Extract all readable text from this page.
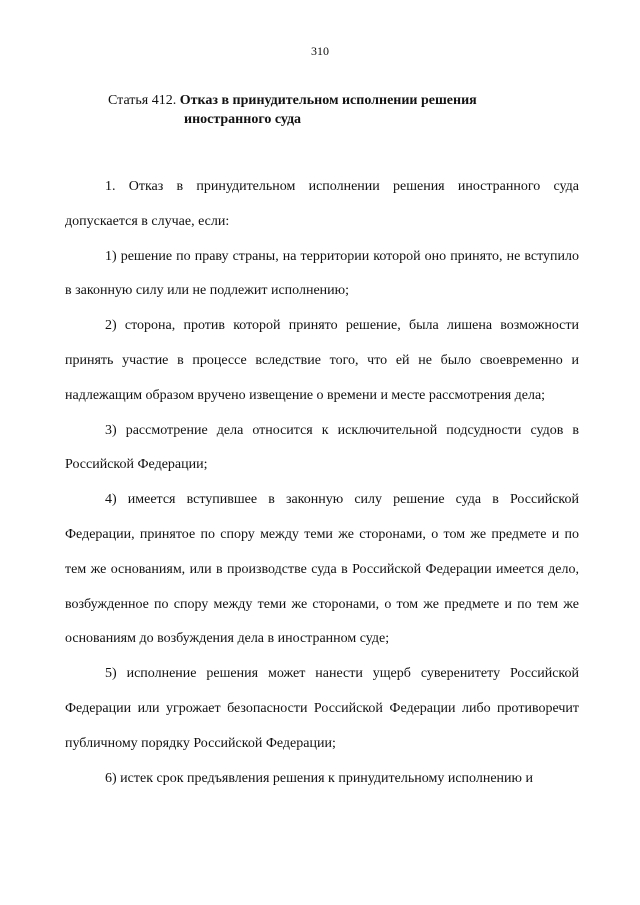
310
Статья 412. Отказ в принудительном исполнении решения
иностранного суда

1. Отказ в принудительном исполнении решения иностранного суда допускается в случае, если:

1) решение по праву страны, на территории которой оно принято, не вступило в законную силу или не подлежит исполнению;

2) сторона, против которой принято решение, была лишена возможности принять участие в процессе вследствие того, что ей не было своевременно и надлежащим образом вручено извещение о времени и месте рассмотрения дела;

3) рассмотрение дела относится к исключительной подсудности судов в Российской Федерации;

4) имеется вступившее в законную силу решение суда в Российской Федерации, принятое по спору между теми же сторонами, о том же предмете и по тем же основаниям, или в производстве суда в Российской Федерации имеется дело, возбужденное по спору между теми же сторонами, о том же предмете и по тем же основаниям до возбуждения дела в иностранном суде;

5) исполнение решения может нанести ущерб суверенитету Российской Федерации или угрожает безопасности Российской Федерации либо противоречит публичному порядку Российской Федерации;

6) истек срок предъявления решения к принудительному исполнению и
